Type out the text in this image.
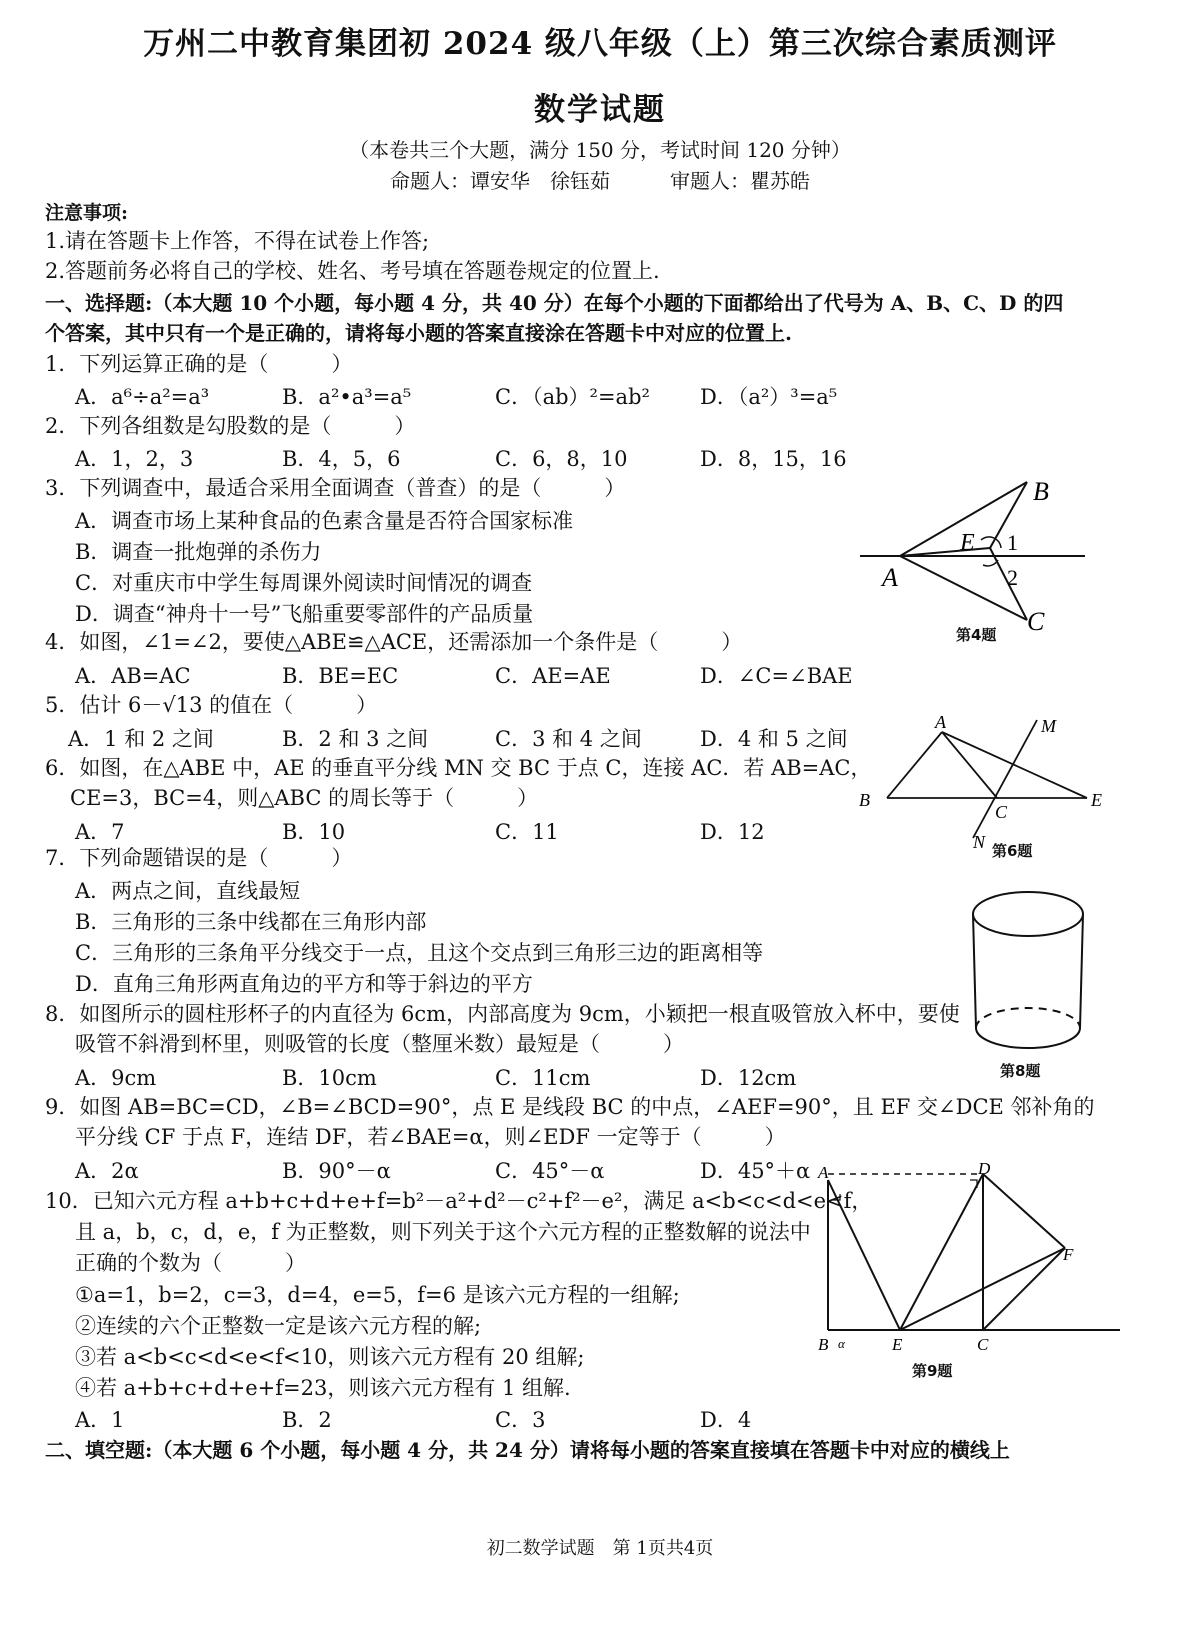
万州二中教育集团初 2024 级八年级（上）第三次综合素质测评
数学试题
（本卷共三个大题，满分 150 分，考试时间 120 分钟）
命题人：谭安华　徐钰茹　　　审题人：瞿苏皓
注意事项:
1.请在答题卡上作答，不得在试卷上作答;
2.答题前务必将自己的学校、姓名、考号填在答题卷规定的位置上.
一、选择题:（本大题 10 个小题，每小题 4 分，共 40 分）在每个小题的下面都给出了代号为 A、B、C、D 的四
个答案，其中只有一个是正确的，请将每小题的答案直接涂在答题卡中对应的位置上.
1．下列运算正确的是（　　　）
A．a⁶÷a²=a³	B．a²•a³=a⁵	C．（ab）²=ab² D．（a²）³=a⁵
2．下列各组数是勾股数的是（　　　）
A．1，2，3	B．4，5，6	C．6，8，10	D．8，15，16
3．下列调查中，最适合采用全面调查（普查）的是（　　　）
A．调查市场上某种食品的色素含量是否符合国家标准
B．调查一批炮弹的杀伤力
C．对重庆市中学生每周课外阅读时间情况的调查
D．调查“神舟十一号”飞船重要零部件的产品质量
4．如图，∠1=∠2，要使△ABE≌△ACE，还需添加一个条件是（　　　）
A．AB=AC	B．BE=EC	C．AE=AE	D．∠C=∠BAE
5．估计 6－√13 的值在（　　　）
A．1 和 2 之间	B．2 和 3 之间	C．3 和 4 之间	D．4 和 5 之间
6．如图，在△ABE 中，AE 的垂直平分线 MN 交 BC 于点 C，连接 AC．若 AB=AC，
CE=3，BC=4，则△ABC 的周长等于（　　　）
A．7	B．10	C．11	D．12
7．下列命题错误的是（　　　）
A．两点之间，直线最短
B．三角形的三条中线都在三角形内部
C．三角形的三条角平分线交于一点，且这个交点到三角形三边的距离相等
D．直角三角形两直角边的平方和等于斜边的平方
8．如图所示的圆柱形杯子的内直径为 6cm，内部高度为 9cm，小颖把一根直吸管放入杯中，要使
吸管不斜滑到杯里，则吸管的长度（整厘米数）最短是（　　　）
A．9cm	B．10cm	C．11cm	D．12cm
9．如图 AB=BC=CD，∠B=∠BCD=90°，点 E 是线段 BC 的中点，∠AEF=90°，且 EF 交∠DCE 邻补角的
平分线 CF 于点 F，连结 DF，若∠BAE=α，则∠EDF 一定等于（　　　）
A．2α	B．90°－α	C．45°－α	D．45°＋α
10．已知六元方程 a+b+c+d+e+f=b²－a²+d²－c²+f²－e²，满足 a<b<c<d<e<f，
且 a，b，c，d，e，f 为正整数，则下列关于这个六元方程的正整数解的说法中
正确的个数为（　　　）
①a=1，b=2，c=3，d=4，e=5，f=6 是该六元方程的一组解;
②连续的六个正整数一定是该六元方程的解;
③若 a<b<c<d<e<f<10，则该六元方程有 20 组解;
④若 a+b+c+d+e+f=23，则该六元方程有 1 组解.
A．1	B．2	C．3	D．4
二、填空题:（本大题 6 个小题，每小题 4 分，共 24 分）请将每小题的答案直接填在答题卡中对应的横线上
B
E 1
A	2
C
第4题
A	M
B
C
E
N 第6题
第8题
A	D
F
B α	E	C
第9题
初二数学试题　第 1页共4页
